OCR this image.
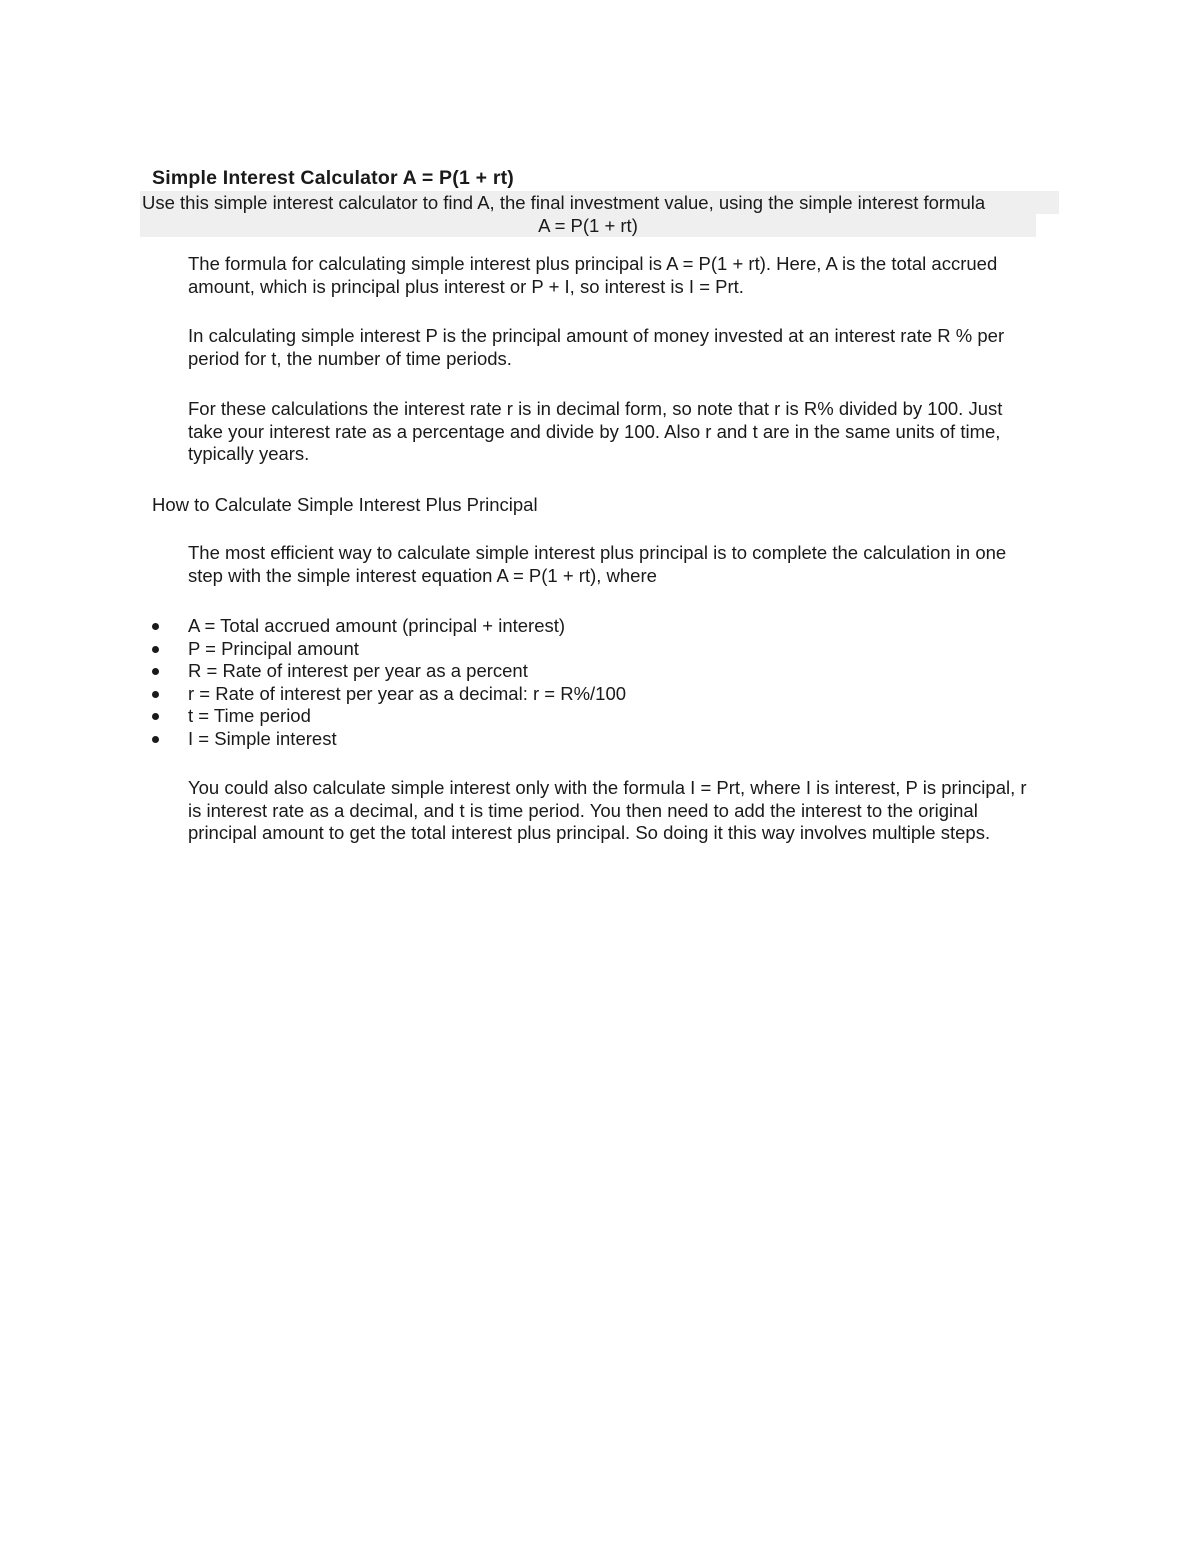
Simple Interest Calculator A = P(1 + rt)
Use this simple interest calculator to find A, the final investment value, using the simple interest formula
A = P(1 + rt)

The formula for calculating simple interest plus principal is A = P(1 + rt). Here, A is the total accrued amount, which is principal plus interest or P + I, so interest is I = Prt.

In calculating simple interest P is the principal amount of money invested at an interest rate R % per period for t, the number of time periods.

For these calculations the interest rate r is in decimal form, so note that r is R% divided by 100. Just take your interest rate as a percentage and divide by 100. Also r and t are in the same units of time, typically years.

How to Calculate Simple Interest Plus Principal

The most efficient way to calculate simple interest plus principal is to complete the calculation in one step with the simple interest equation A = P(1 + rt), where

A = Total accrued amount (principal + interest)
P = Principal amount
R = Rate of interest per year as a percent
r = Rate of interest per year as a decimal: r = R%/100
t = Time period
I = Simple interest

You could also calculate simple interest only with the formula I = Prt, where I is interest, P is principal, r is interest rate as a decimal, and t is time period. You then need to add the interest to the original principal amount to get the total interest plus principal. So doing it this way involves multiple steps.
